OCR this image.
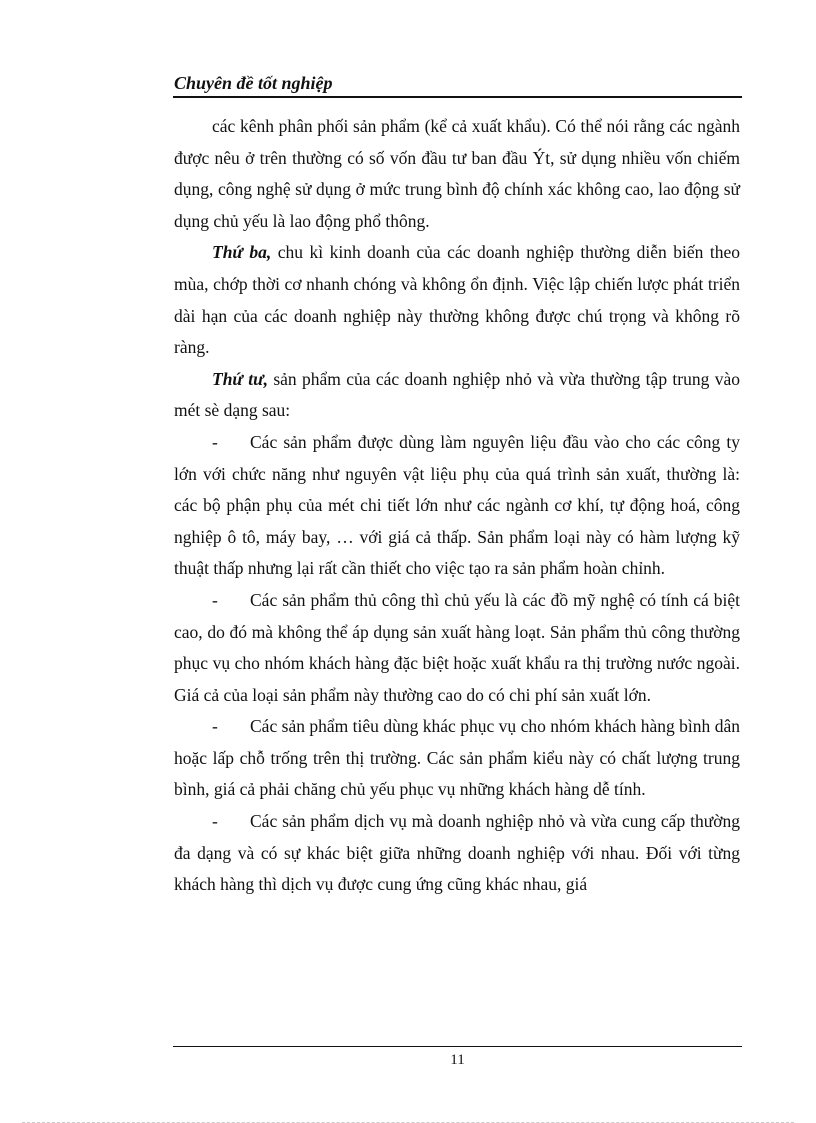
Chuyên đề tốt nghiệp

các kênh phân phối sản phẩm (kể cả xuất khẩu). Có thể nói rằng các ngành được nêu ở trên thường có số vốn đầu tư ban đầu Ýt, sử dụng nhiều vốn chiếm dụng, công nghệ sử dụng ở mức trung bình độ chính xác không cao, lao động sử dụng chủ yếu là lao động phổ thông.

Thứ ba, chu kì kinh doanh của các doanh nghiệp thường diễn biến theo mùa, chớp thời cơ nhanh chóng và không ổn định. Việc lập chiến lược phát triển dài hạn của các doanh nghiệp này thường không được chú trọng và không rõ ràng.

Thứ tư, sản phẩm của các doanh nghiệp nhỏ và vừa thường tập trung vào mét sè dạng sau:

- Các sản phẩm được dùng làm nguyên liệu đầu vào cho các công ty lớn với chức năng như nguyên vật liệu phụ của quá trình sản xuất, thường là: các bộ phận phụ của mét chi tiết lớn như các ngành cơ khí, tự động hoá, công nghiệp ô tô, máy bay, … với giá cả thấp. Sản phẩm loại này có hàm lượng kỹ thuật thấp nhưng lại rất cần thiết cho việc tạo ra sản phẩm hoàn chỉnh.

- Các sản phẩm thủ công thì chủ yếu là các đồ mỹ nghệ có tính cá biệt cao, do đó mà không thể áp dụng sản xuất hàng loạt. Sản phẩm thủ công thường phục vụ cho nhóm khách hàng đặc biệt hoặc xuất khẩu ra thị trường nước ngoài. Giá cả của loại sản phẩm này thường cao do có chi phí sản xuất lớn.

- Các sản phẩm tiêu dùng khác phục vụ cho nhóm khách hàng bình dân hoặc lấp chỗ trống trên thị trường. Các sản phẩm kiểu này có chất lượng trung bình, giá cả phải chăng chủ yếu phục vụ những khách hàng dễ tính.

- Các sản phẩm dịch vụ mà doanh nghiệp nhỏ và vừa cung cấp thường đa dạng và có sự khác biệt giữa những doanh nghiệp với nhau. Đối với từng khách hàng thì dịch vụ được cung ứng cũng khác nhau, giá

11
